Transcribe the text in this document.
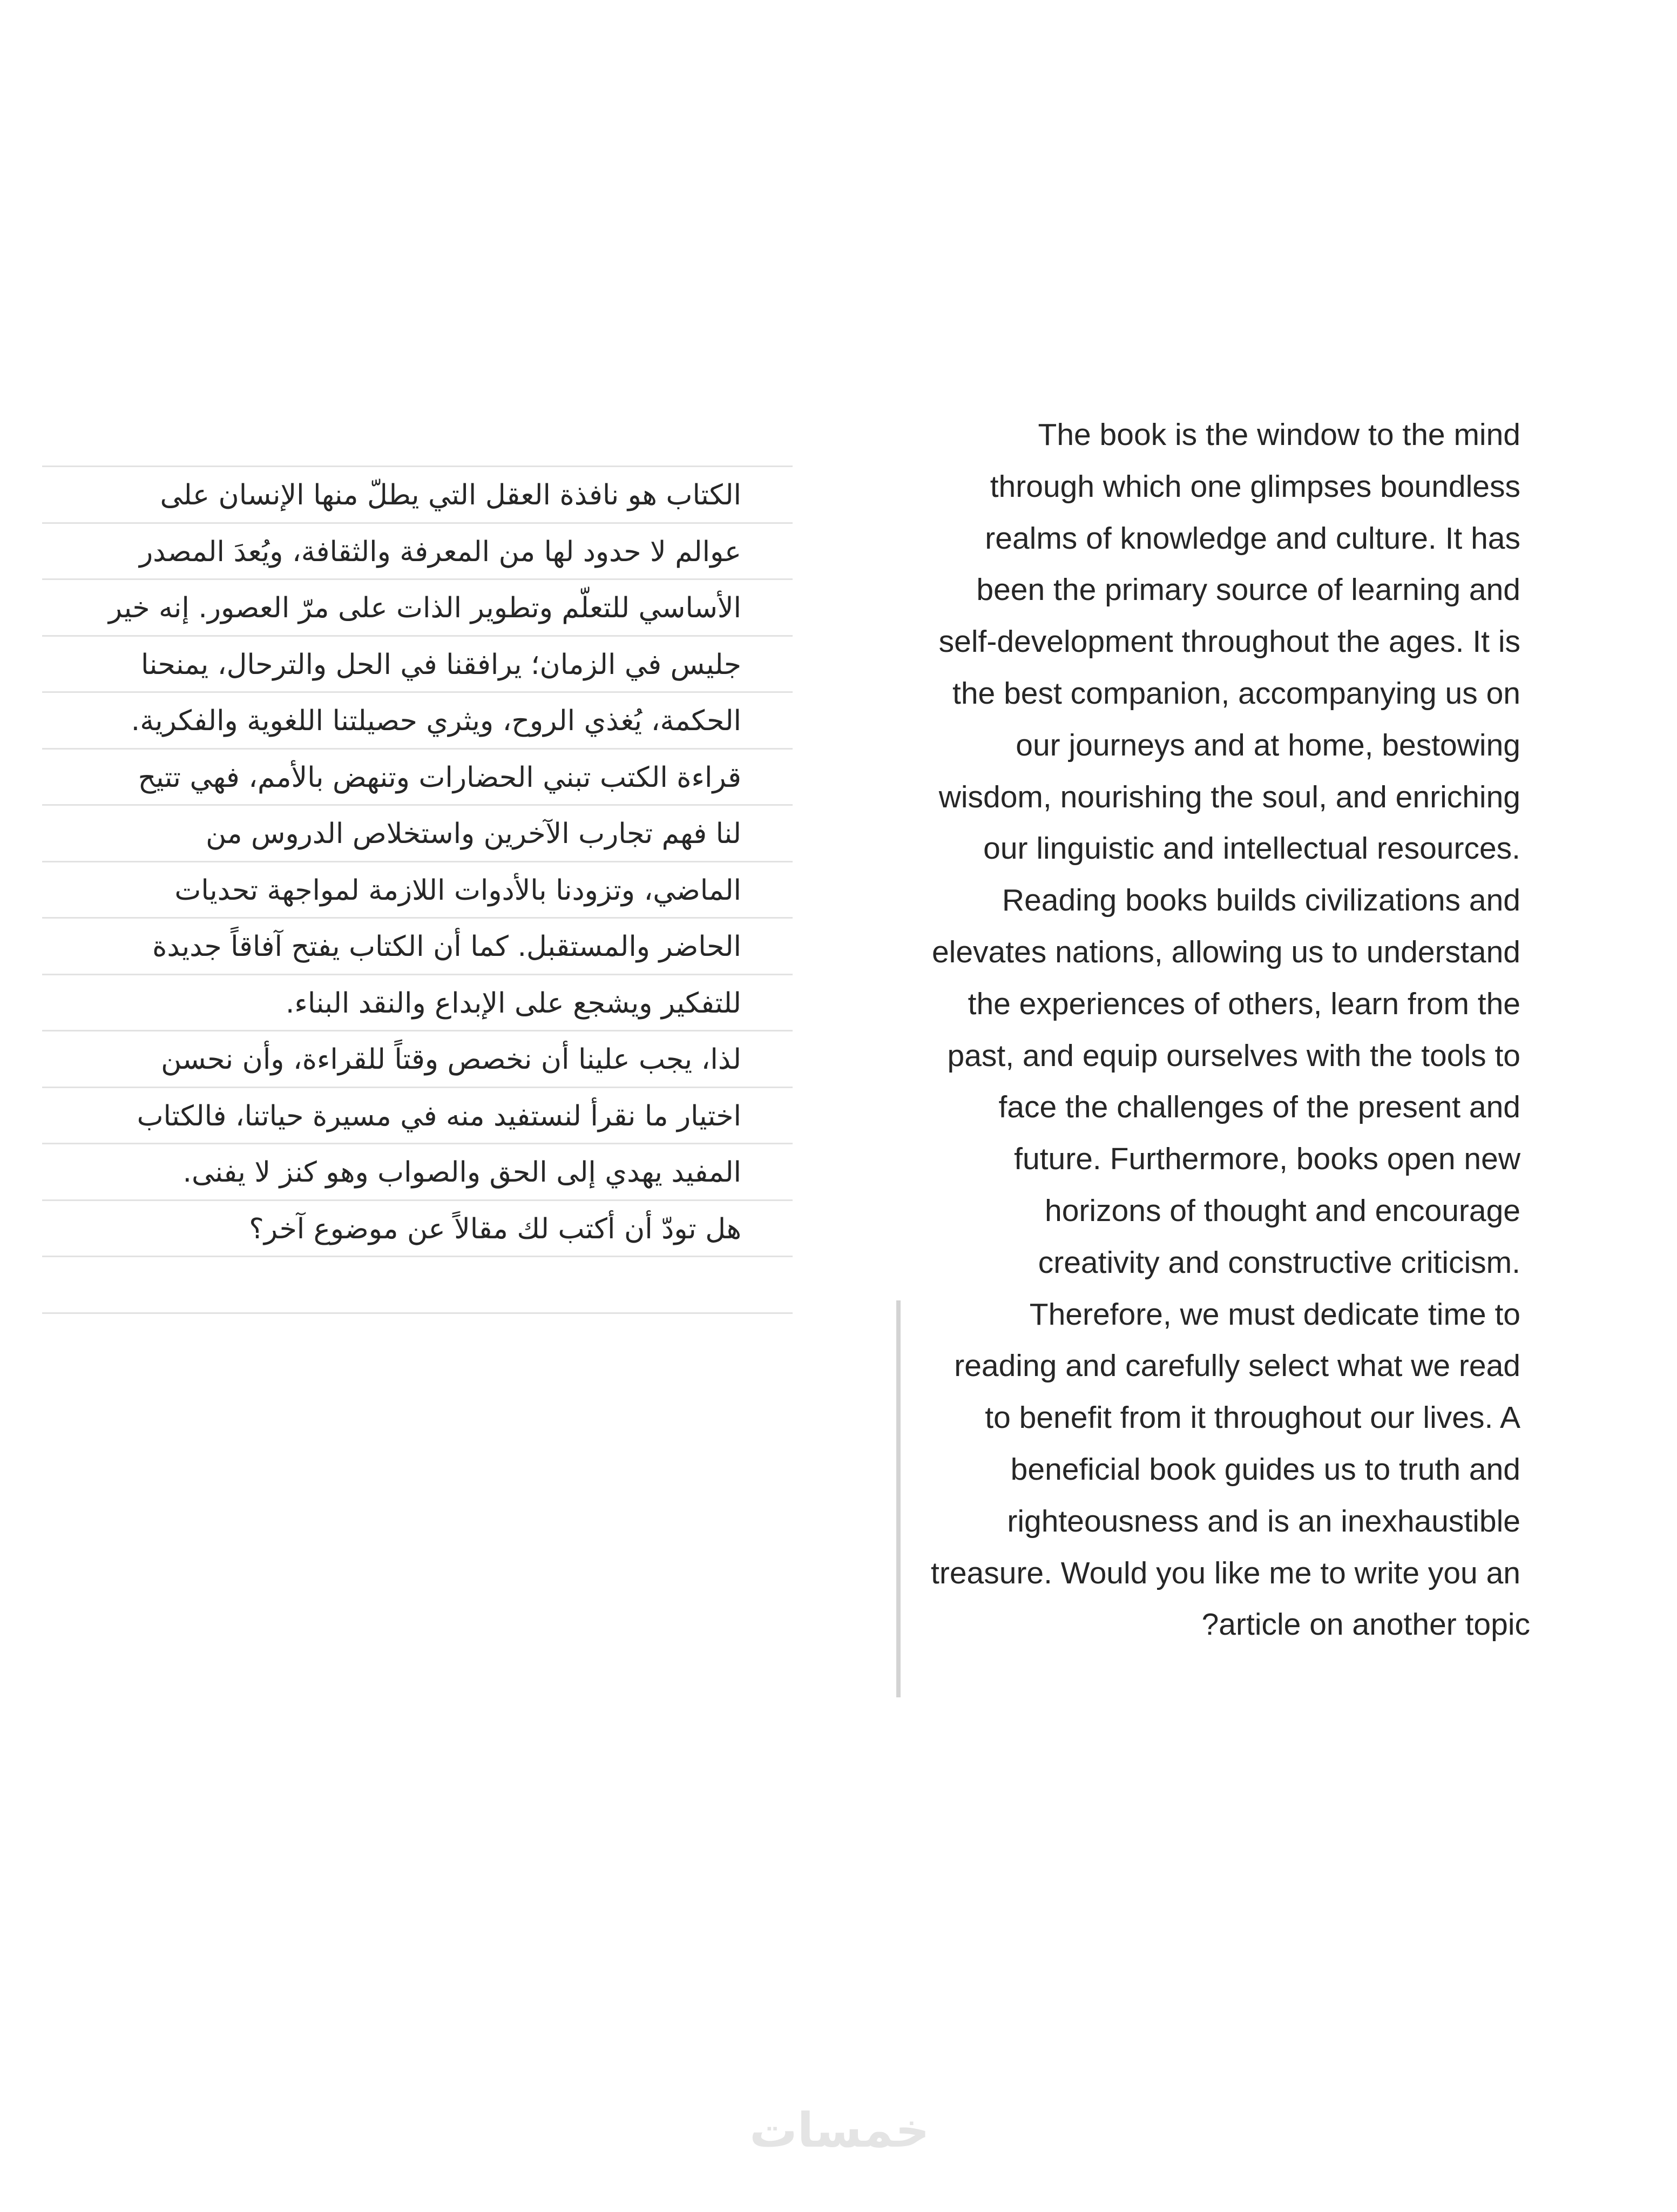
الكتاب هو نافذة العقل التي يطلّ منها الإنسان على
عوالم لا حدود لها من المعرفة والثقافة، ويُعدَ المصدر
الأساسي للتعلّم وتطوير الذات على مرّ العصور. إنه خير
جليس في الزمان؛ يرافقنا في الحل والترحال، يمنحنا
الحكمة، يُغذي الروح، ويثري حصيلتنا اللغوية والفكرية.
قراءة الكتب تبني الحضارات وتنهض بالأمم، فهي تتيح
لنا فهم تجارب الآخرين واستخلاص الدروس من
الماضي، وتزودنا بالأدوات اللازمة لمواجهة تحديات
الحاضر والمستقبل. كما أن الكتاب يفتح آفاقاً جديدة
للتفكير ويشجع على الإبداع والنقد البناء.
لذا، يجب علينا أن نخصص وقتاً للقراءة، وأن نحسن
اختيار ما نقرأ لنستفيد منه في مسيرة حياتنا، فالكتاب
المفيد يهدي إلى الحق والصواب وهو كنز لا يفنى.
هل تودّ أن أكتب لك مقالاً عن موضوع آخر؟
The book is the window to the mind
through which one glimpses boundless
realms of knowledge and culture. It has
been the primary source of learning and
self-development throughout the ages. It is
the best companion, accompanying us on
our journeys and at home, bestowing
wisdom, nourishing the soul, and enriching
our linguistic and intellectual resources.
Reading books builds civilizations and
elevates nations, allowing us to understand
the experiences of others, learn from the
past, and equip ourselves with the tools to
face the challenges of the present and
future. Furthermore, books open new
horizons of thought and encourage
creativity and constructive criticism.
Therefore, we must dedicate time to
reading and carefully select what we read
to benefit from it throughout our lives. A
beneficial book guides us to truth and
righteousness and is an inexhaustible
treasure. Would you like me to write you an
?article on another topic
خمسات
